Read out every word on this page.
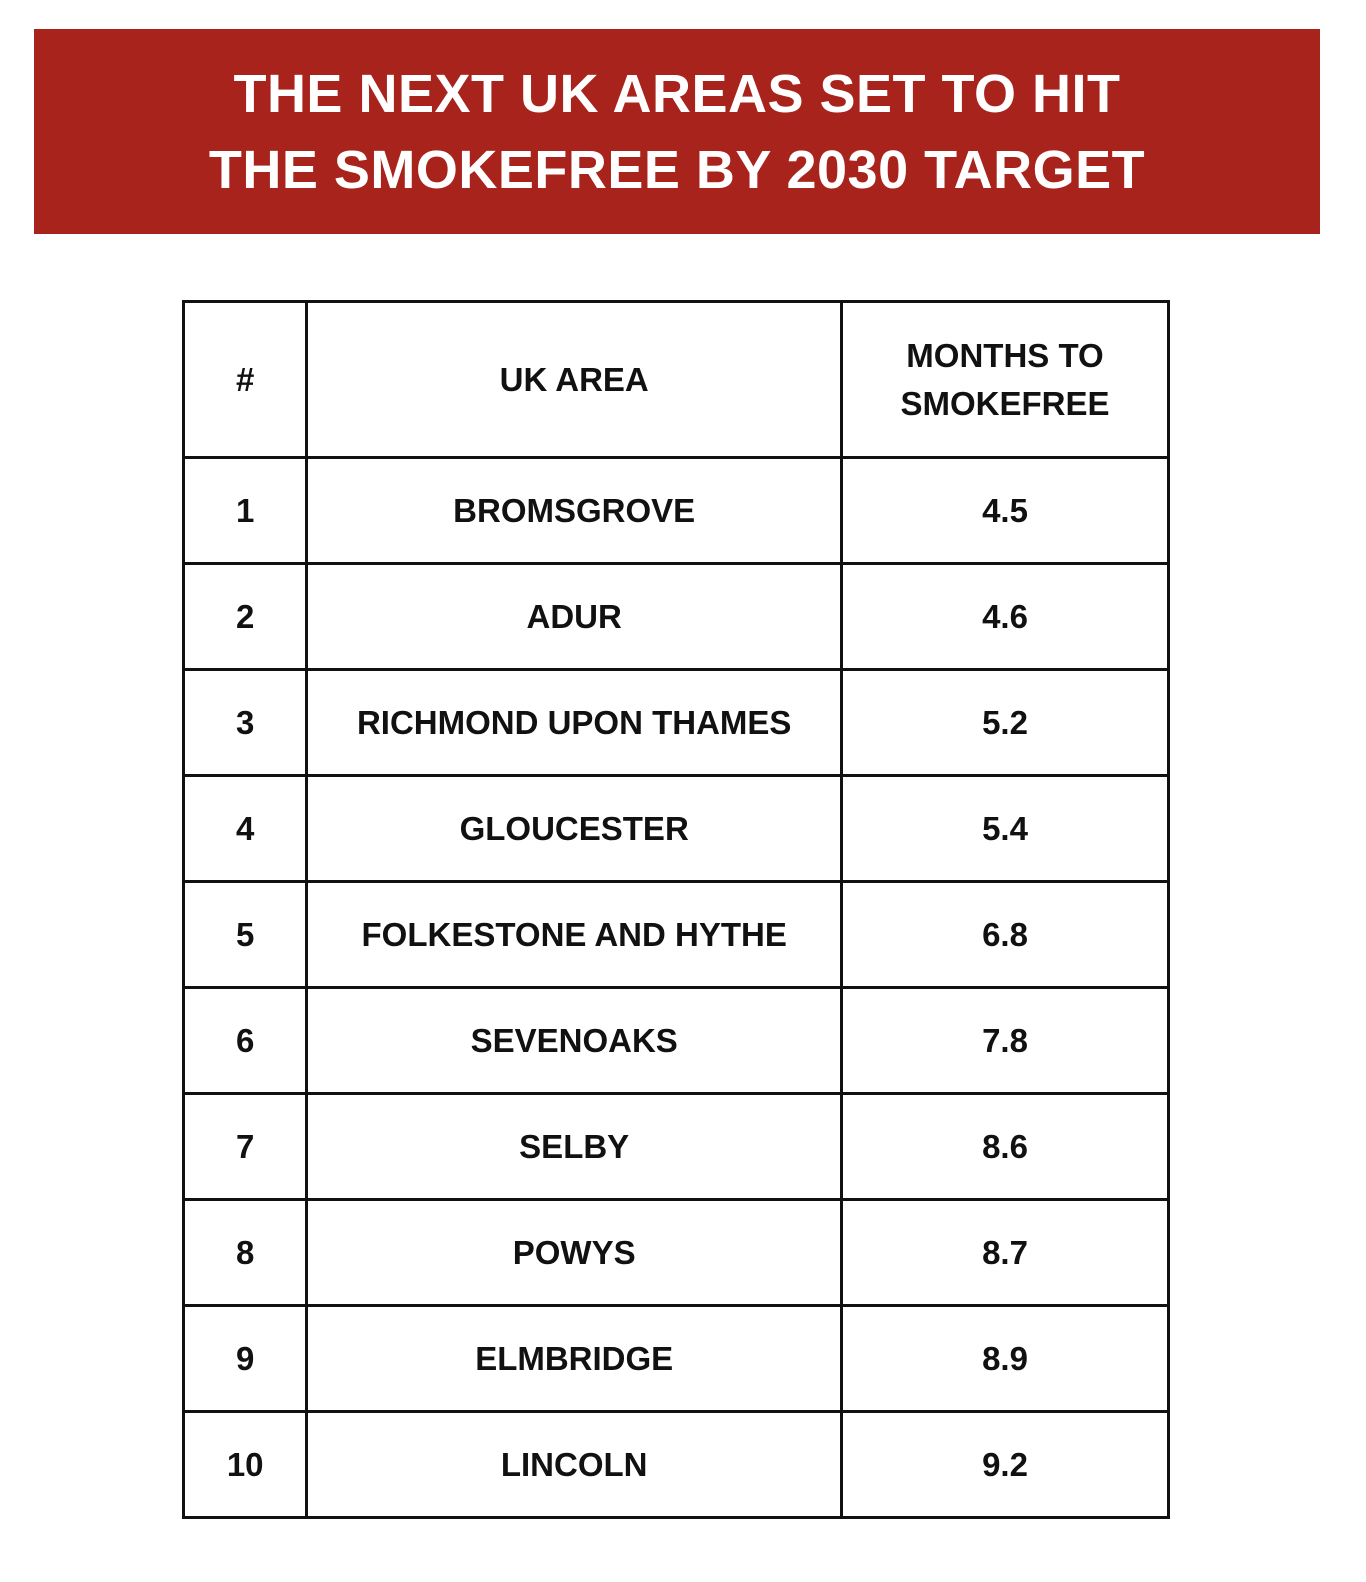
THE NEXT UK AREAS SET TO HIT
THE SMOKEFREE BY 2030 TARGET
#	UK AREA	MONTHS TO
SMOKEFREE

1	BROMSGROVE	4.5
2	ADUR	4.6
3	RICHMOND UPON THAMES	5.2
4	GLOUCESTER	5.4
5	FOLKESTONE AND HYTHE	6.8
6	SEVENOAKS	7.8
7	SELBY	8.6
8	POWYS	8.7
9	ELMBRIDGE	8.9
10	LINCOLN	9.2
